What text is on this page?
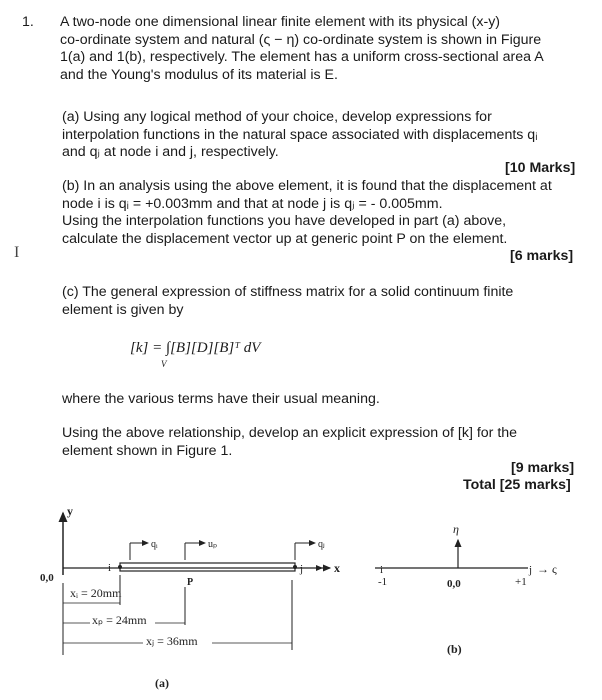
1. A two-node one dimensional linear finite element with its physical (x-y)
co-ordinate system and natural (ς − η) co-ordinate system is shown in Figure
1(a) and 1(b), respectively. The element has a uniform cross-sectional area A
and the Young's modulus of its material is E.
(a) Using any logical method of your choice, develop expressions for
interpolation functions in the natural space associated with displacements qᵢ
and qⱼ at node i and j, respectively.
[10 Marks]
(b) In an analysis using the above element, it is found that the displacement at
node i is qᵢ = +0.003mm and that at node j is qⱼ = - 0.005mm.
Using the interpolation functions you have developed in part (a) above,
calculate the displacement vector up at generic point P on the element.
[6 marks]
I
(c) The general expression of stiffness matrix for a solid continuum finite
element is given by
[k] = ∫[B][D][B]ᵀ dV
V
where the various terms have their usual meaning.
Using the above relationship, develop an explicit expression of [k] for the
element shown in Figure 1.
[9 marks]
Total [25 marks]
y
0,0
x
i	j
qᵢ	uₚ	qⱼ
P
xᵢ = 20mm
xₚ = 24mm
xⱼ = 36mm
(a)
η
i
-1	0,0	+1
j → ς
(b)
